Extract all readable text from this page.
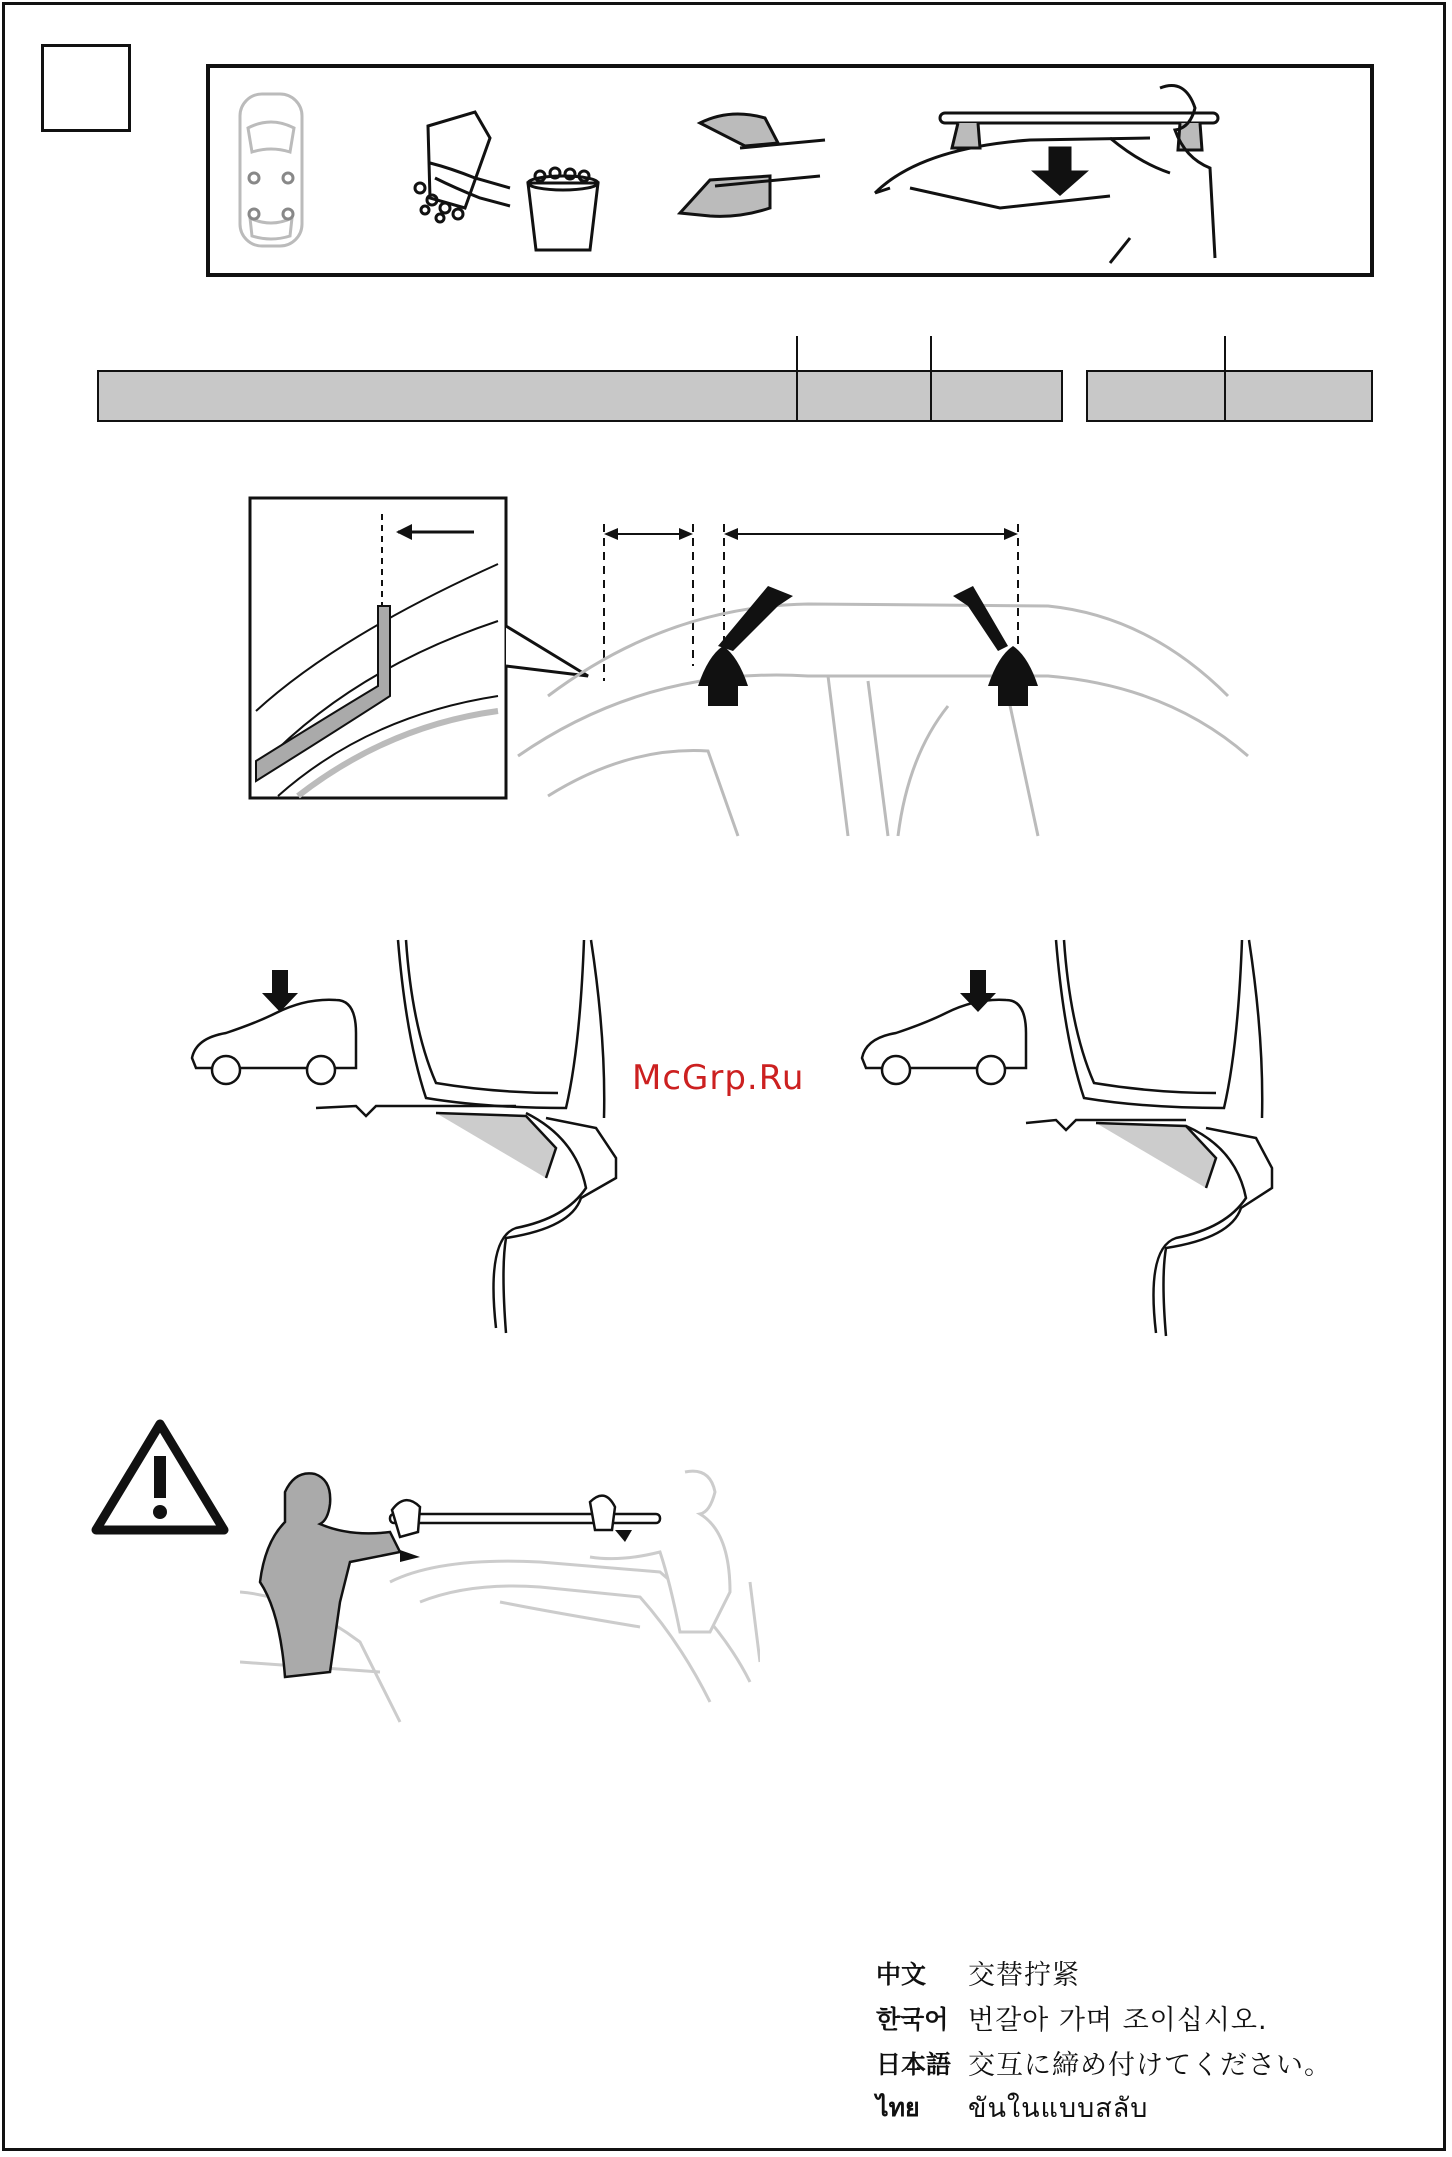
McGrp.Ru
中文	交替拧紧
한국어 번갈아 가며 조이십시오.
日本語 交互に締め付けてください。
ไทย	ขันในแบบสลับ
